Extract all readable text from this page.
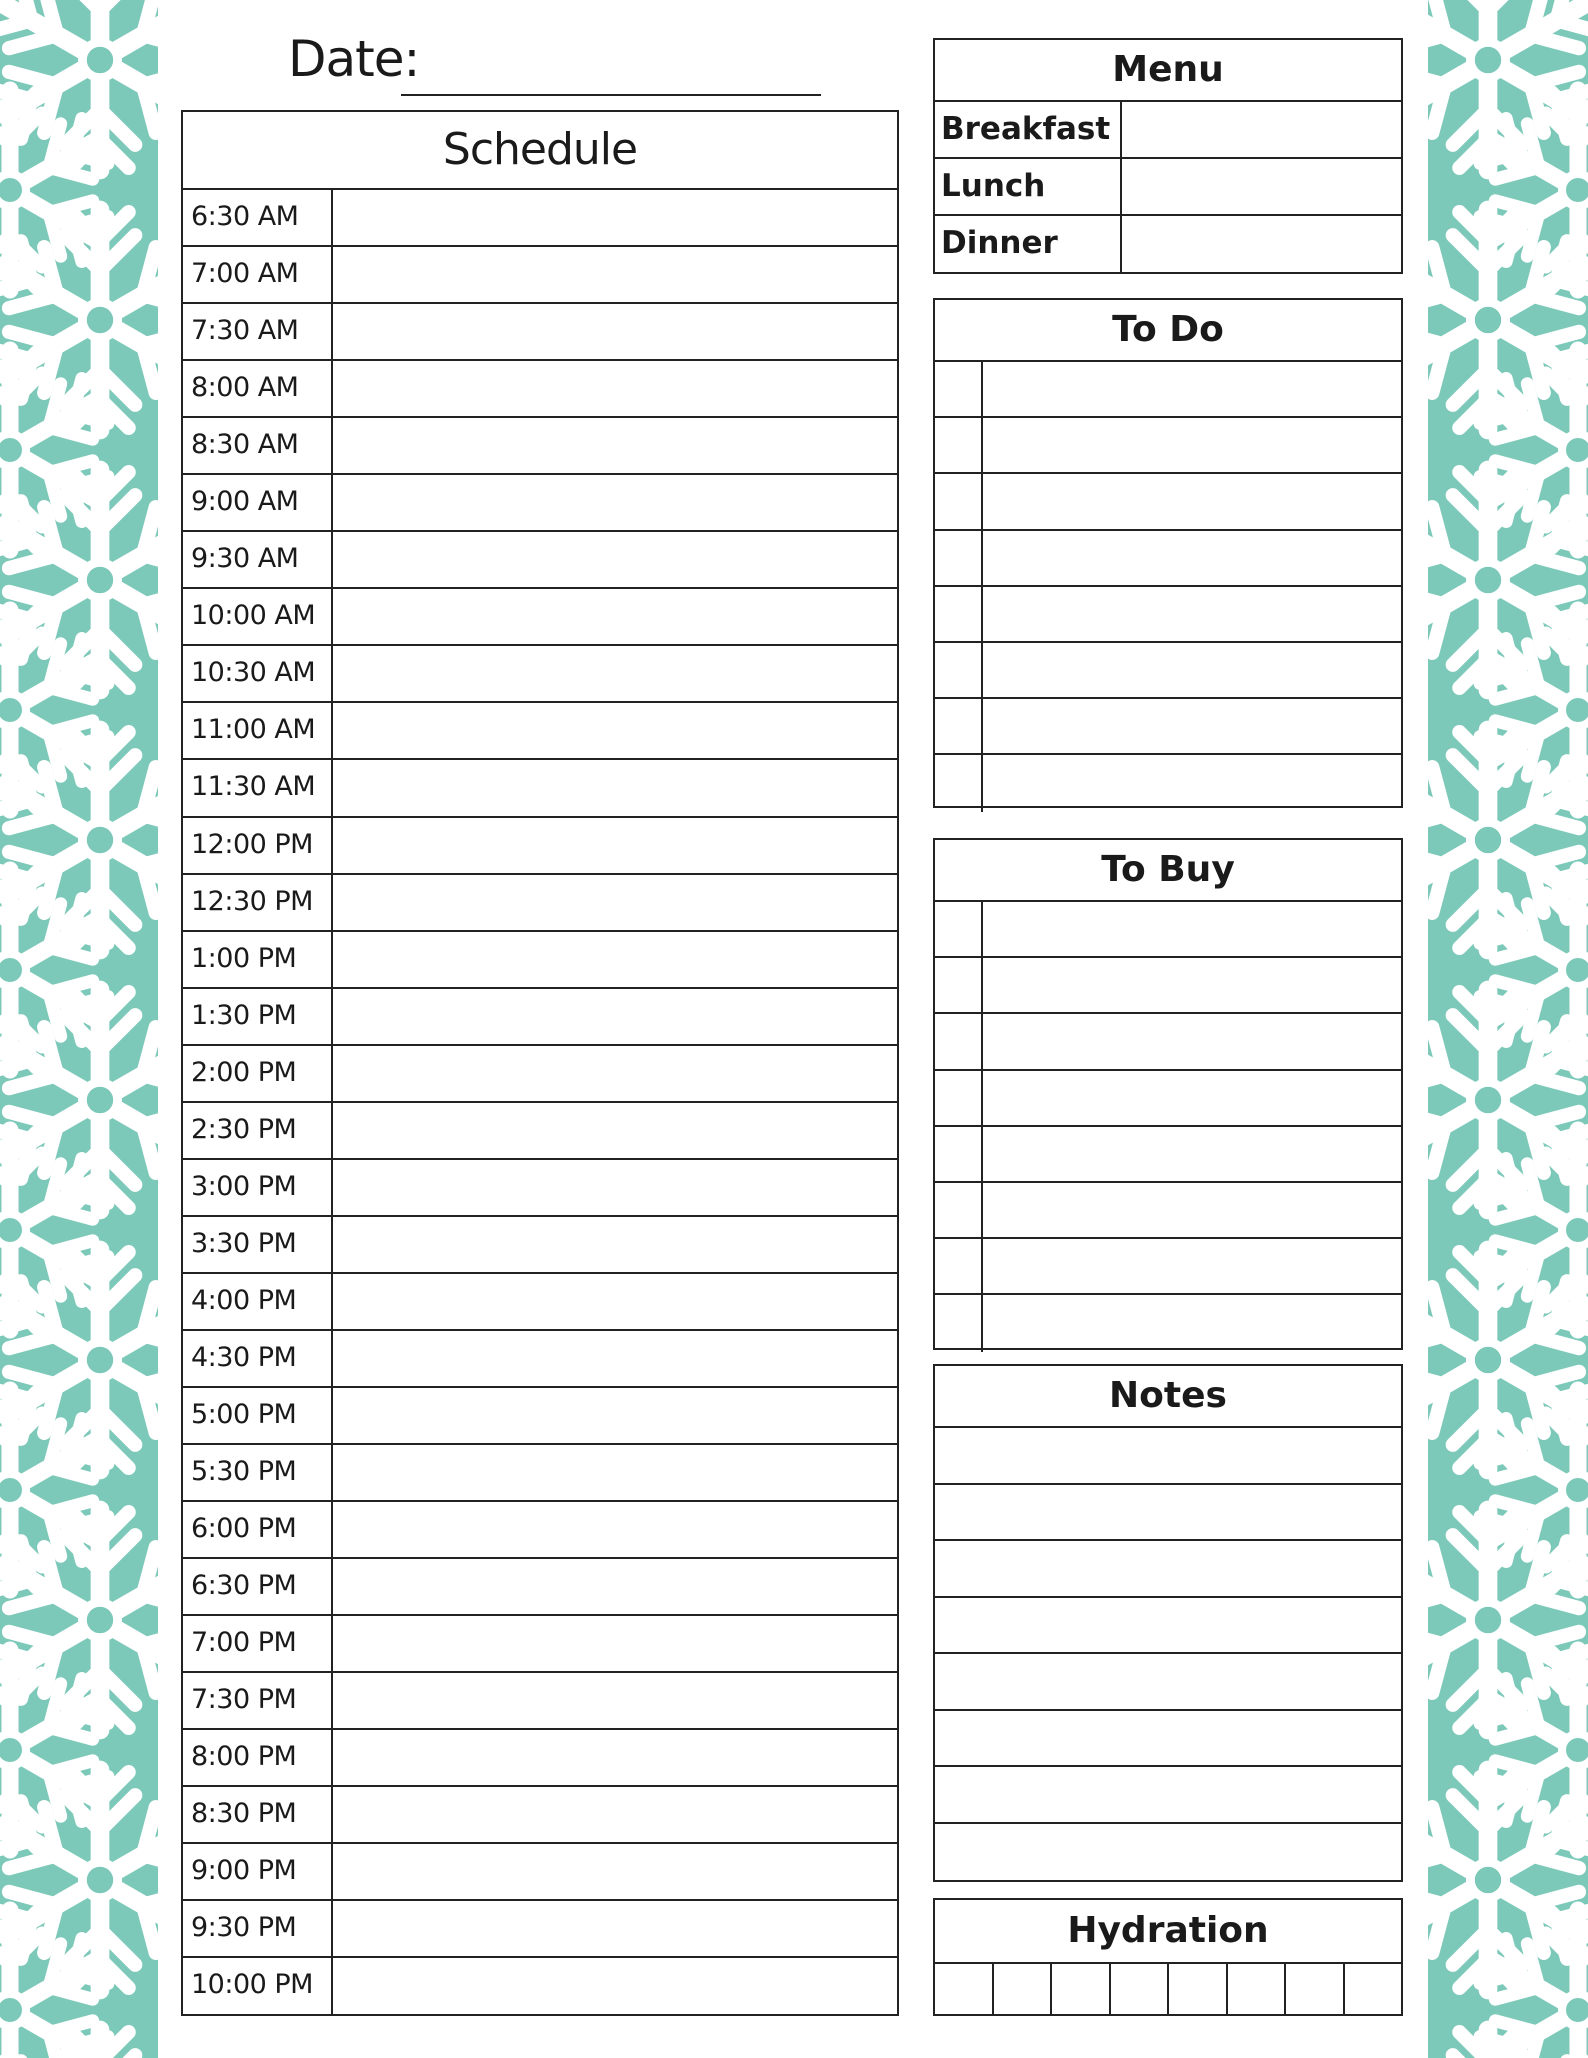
Date:
Schedule
6:30 AM
7:00 AM
7:30 AM
8:00 AM
8:30 AM
9:00 AM
9:30 AM
10:00 AM
10:30 AM
11:00 AM
11:30 AM
12:00 PM
12:30 PM
1:00 PM
1:30 PM
2:00 PM
2:30 PM
3:00 PM
3:30 PM
4:00 PM
4:30 PM
5:00 PM
5:30 PM
6:00 PM
6:30 PM
7:00 PM
7:30 PM
8:00 PM
8:30 PM
9:00 PM
9:30 PM
10:00 PM
Menu
Breakfast
Lunch
Dinner
To Do
To Buy
Notes
Hydration
